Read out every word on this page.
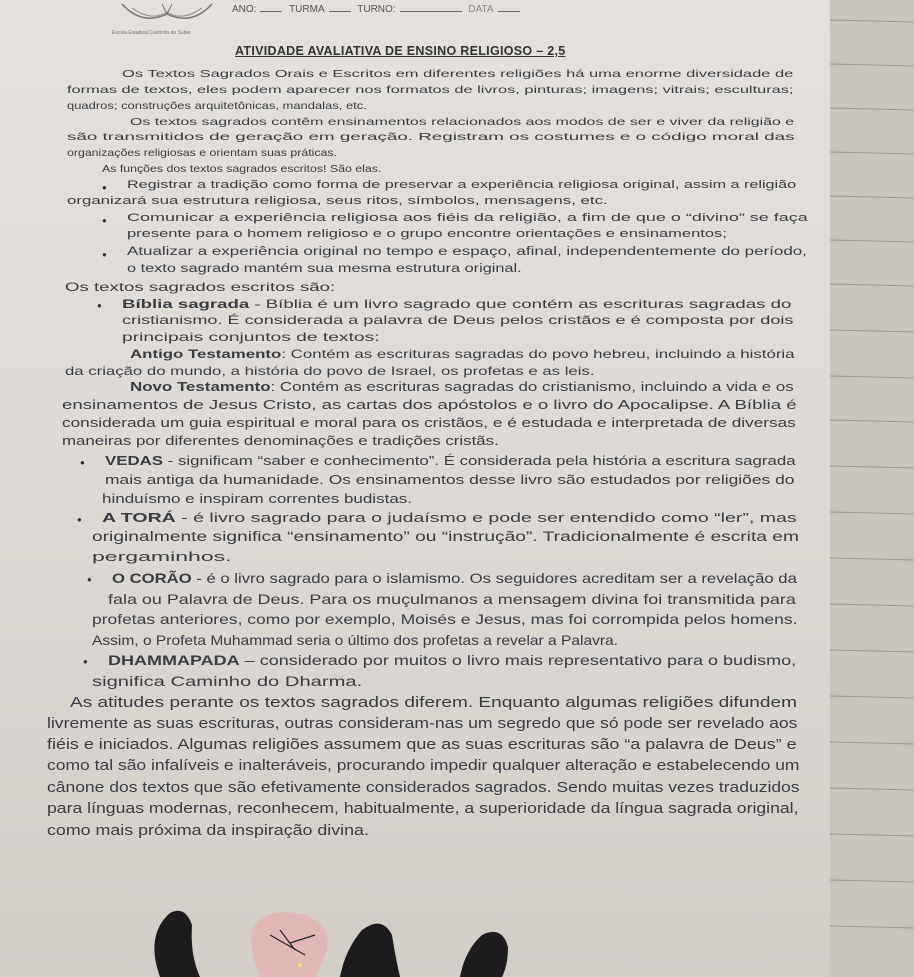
Escola Estadual Cantinho do Saber
ANO:	TURMA	TURNO:	DATA
ATIVIDADE AVALIATIVA DE ENSINO RELIGIOSO – 2,5
Os Textos Sagrados Orais e Escritos em diferentes religiões há uma enorme diversidade de
formas de textos, eles podem aparecer nos formatos de livros, pinturas; imagens; vitrais; esculturas;
quadros; construções arquitetônicas, mandalas, etc.
Os textos sagrados contêm ensinamentos relacionados aos modos de ser e viver da religião e
são transmitidos de geração em geração. Registram os costumes e o código moral das
organizações religiosas e orientam suas práticas.
As funções dos textos sagrados escritos! São elas.
Registrar a tradição como forma de preservar a experiência religiosa original, assim a religião
●
organizará sua estrutura religiosa, seus ritos, símbolos, mensagens, etc.
Comunicar a experiência religiosa aos fiéis da religião, a fim de que o “divino” se faça
●
presente para o homem religioso e o grupo encontre orientações e ensinamentos;
Atualizar a experiência original no tempo e espaço, afinal, independentemente do período,
●
o texto sagrado mantém sua mesma estrutura original.
Os textos sagrados escritos são:
Bíblia sagrada - Bíblia é um livro sagrado que contém as escrituras sagradas do
●
cristianismo. É considerada a palavra de Deus pelos cristãos e é composta por dois
principais conjuntos de textos:
Antigo Testamento: Contém as escrituras sagradas do povo hebreu, incluindo a história
da criação do mundo, a história do povo de Israel, os profetas e as leis.
Novo Testamento: Contém as escrituras sagradas do cristianismo, incluindo a vida e os
ensinamentos de Jesus Cristo, as cartas dos apóstolos e o livro do Apocalipse. A Bíblia é
considerada um guia espiritual e moral para os cristãos, e é estudada e interpretada de diversas
maneiras por diferentes denominações e tradições cristãs.
VEDAS - significam “saber e conhecimento”. É considerada pela história a escritura sagrada
●
mais antiga da humanidade. Os ensinamentos desse livro são estudados por religiões do
hinduísmo e inspiram correntes budistas.
A TORÁ - é livro sagrado para o judaísmo e pode ser entendido como “ler”, mas
●
originalmente significa “ensinamento” ou “instrução”. Tradicionalmente é escrita em
pergaminhos.
O CORÃO - é o livro sagrado para o islamismo. Os seguidores acreditam ser a revelação da
●
fala ou Palavra de Deus. Para os muçulmanos a mensagem divina foi transmitida para
profetas anteriores, como por exemplo, Moisés e Jesus, mas foi corrompida pelos homens.
Assim, o Profeta Muhammad seria o último dos profetas a revelar a Palavra.
DHAMMAPADA – considerado por muitos o livro mais representativo para o budismo,
●
significa Caminho do Dharma.
As atitudes perante os textos sagrados diferem. Enquanto algumas religiões difundem
livremente as suas escrituras, outras consideram-nas um segredo que só pode ser revelado aos
fiéis e iniciados. Algumas religiões assumem que as suas escrituras são “a palavra de Deus” e
como tal são infalíveis e inalteráveis, procurando impedir qualquer alteração e estabelecendo um
cânone dos textos que são efetivamente considerados sagrados. Sendo muitas vezes traduzidos
para línguas modernas, reconhecem, habitualmente, a superioridade da língua sagrada original,
como mais próxima da inspiração divina.
